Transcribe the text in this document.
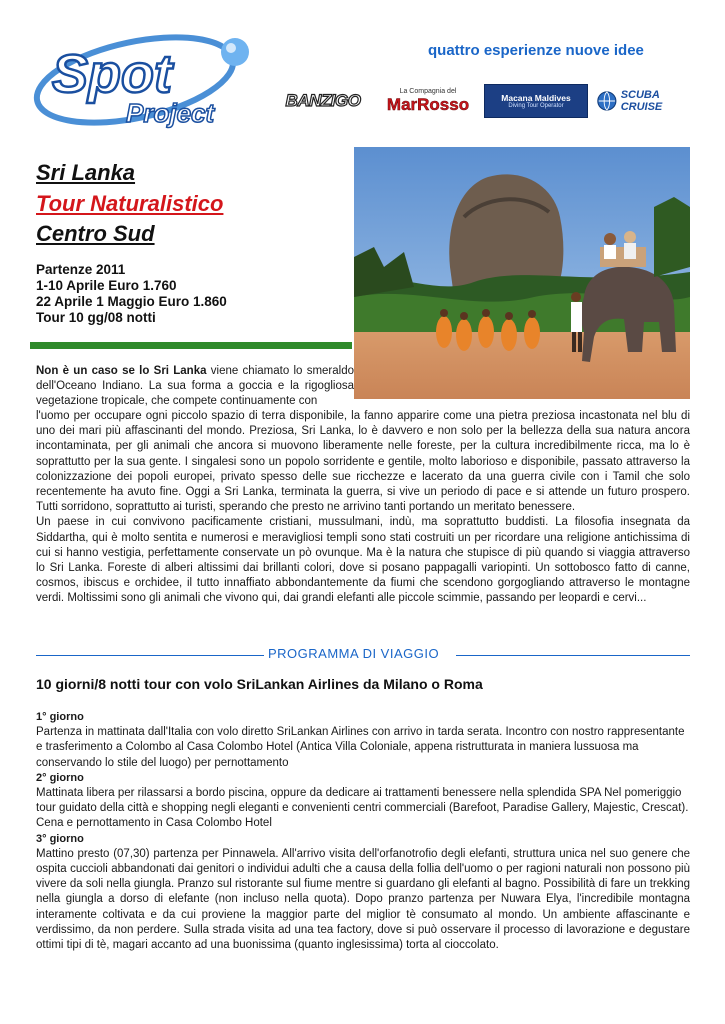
Spot
Project
quattro esperienze nuove idee
BANZIGO	La Compagnia del
MarRosso	Macana Maldives
Diving Tour Operator
SCUBA CRUISE
Sri Lanka
Tour Naturalistico
Centro Sud
Partenze 2011
1-10 Aprile Euro 1.760
22 Aprile 1 Maggio Euro 1.860
Tour 10 gg/08 notti
Non è un caso se lo Sri Lanka viene chiamato lo smeraldo dell'Oceano Indiano. La sua forma a goccia e la rigogliosa vegetazione tropicale, che compete continuamente con

l'uomo per occupare ogni piccolo spazio di terra disponibile, la fanno apparire come una pietra preziosa incastonata nel blu di uno dei mari più affascinanti del mondo. Preziosa, Sri Lanka, lo è davvero e non solo per la bellezza della sua natura ancora incontaminata, per gli animali che ancora si muovono liberamente nelle foreste, per la cultura incredibilmente ricca, ma lo è soprattutto per la sua gente. I singalesi sono un popolo sorridente e gentile, molto laborioso e disponibile, passato attraverso la colonizzazione dei popoli europei, privato spesso delle sue ricchezze e lacerato da una guerra civile con i Tamil che solo recentemente ha avuto fine. Oggi a Sri Lanka, terminata la guerra, si vive un periodo di pace e si attende un futuro prospero. Tutti sorridono, soprattutto ai turisti, sperando che presto ne arrivino tanti portando un meritato benessere.

Un paese in cui convivono pacificamente cristiani, mussulmani, indù, ma soprattutto buddisti. La filosofia insegnata da Siddartha, qui è molto sentita e numerosi e meravigliosi templi sono stati costruiti un per ricordare una religione antichissima di cui si hanno vestigia, perfettamente conservate un pò ovunque. Ma è la natura che stupisce di più quando si viaggia attraverso lo Sri Lanka. Foreste di alberi altissimi dai brillanti colori, dove si posano pappagalli variopinti. Un sottobosco fatto di canne, cosmos, ibiscus e orchidee, il tutto innaffiato abbondantemente da fiumi che scendono gorgogliando attraverso le montagne verdi. Moltissimi sono gli animali che vivono qui, dai grandi elefanti alle piccole scimmie, passando per leopardi e cervi...

PROGRAMMA DI VIAGGIO
10 giorni/8 notti tour con volo SriLankan Airlines da Milano o Roma
1° giorno

Partenza in mattinata dall'Italia con volo diretto SriLankan Airlines con arrivo in tarda serata. Incontro con nostro rappresentante e trasferimento a Colombo al Casa Colombo Hotel (Antica Villa Coloniale, appena ristrutturata in maniera lussuosa ma conservando lo stile del luogo) per pernottamento

2° giorno

Mattinata libera per rilassarsi a bordo piscina, oppure da dedicare ai trattamenti benessere nella splendida SPA Nel pomeriggio tour guidato della città e shopping negli eleganti e convenienti centri commerciali (Barefoot, Paradise Gallery, Majestic, Crescat). Cena e pernottamento in Casa Colombo Hotel

3° giorno

Mattino presto (07,30) partenza per Pinnawela. All'arrivo visita dell'orfanotrofio degli elefanti, struttura unica nel suo genere che ospita cuccioli abbandonati dai genitori o individui adulti che a causa della follia dell'uomo o per ragioni naturali non possono più vivere da soli nella giungla. Pranzo sul ristorante sul fiume mentre si guardano gli elefanti al bagno. Possibilità di fare un trekking nella giungla a dorso di elefante (non incluso nella quota). Dopo pranzo partenza per Nuwara Elya, l'incredibile montagna interamente coltivata e da cui proviene la maggior parte del miglior tè consumato al mondo. Un ambiente affascinante e verdissimo, da non perdere. Sulla strada visita ad una tea factory, dove si può osservare il processo di lavorazione e degustare ottimi tipi di tè, magari accanto ad una buonissima (quanto inglesissima) torta al cioccolato.
